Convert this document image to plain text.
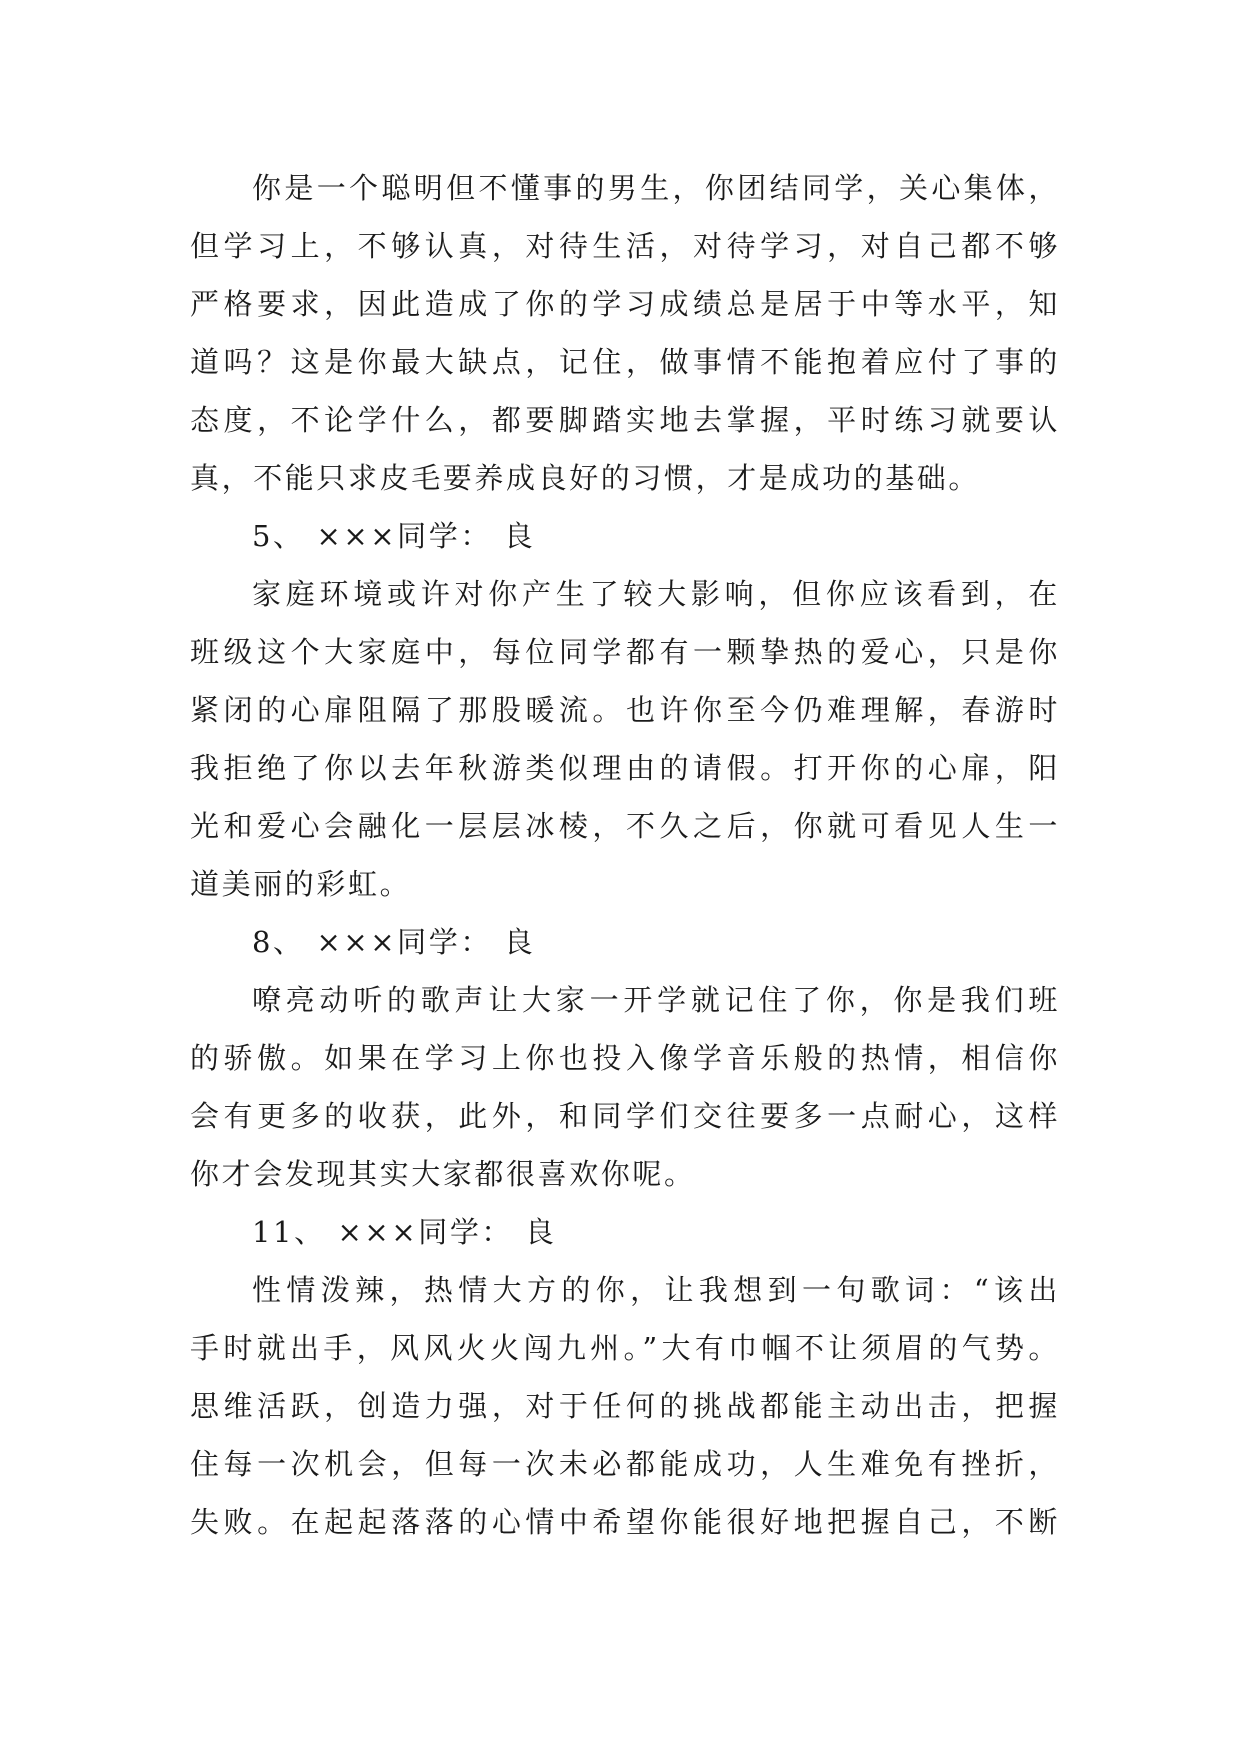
你是一个聪明但不懂事的男生，你团结同学，关心集体，
但学习上，不够认真，对待生活，对待学习，对自己都不够
严格要求，因此造成了你的学习成绩总是居于中等水平，知
道吗？这是你最大缺点，记住，做事情不能抱着应付了事的
态度，不论学什么，都要脚踏实地去掌握，平时练习就要认
真，不能只求皮毛要养成良好的习惯，才是成功的基础。
5、 ×××同学： 良
家庭环境或许对你产生了较大影响，但你应该看到，在
班级这个大家庭中，每位同学都有一颗挚热的爱心，只是你
紧闭的心扉阻隔了那股暖流。也许你至今仍难理解，春游时
我拒绝了你以去年秋游类似理由的请假。打开你的心扉，阳
光和爱心会融化一层层冰棱，不久之后，你就可看见人生一
道美丽的彩虹。
8、 ×××同学： 良
嘹亮动听的歌声让大家一开学就记住了你，你是我们班
的骄傲。如果在学习上你也投入像学音乐般的热情，相信你
会有更多的收获，此外，和同学们交往要多一点耐心，这样
你才会发现其实大家都很喜欢你呢。
11、 ×××同学： 良
性情泼辣，热情大方的你，让我想到一句歌词：“该出
手时就出手，风风火火闯九州。”大有巾帼不让须眉的气势。
思维活跃，创造力强，对于任何的挑战都能主动出击，把握
住每一次机会，但每一次未必都能成功，人生难免有挫折，
失败。在起起落落的心情中希望你能很好地把握自己，不断
